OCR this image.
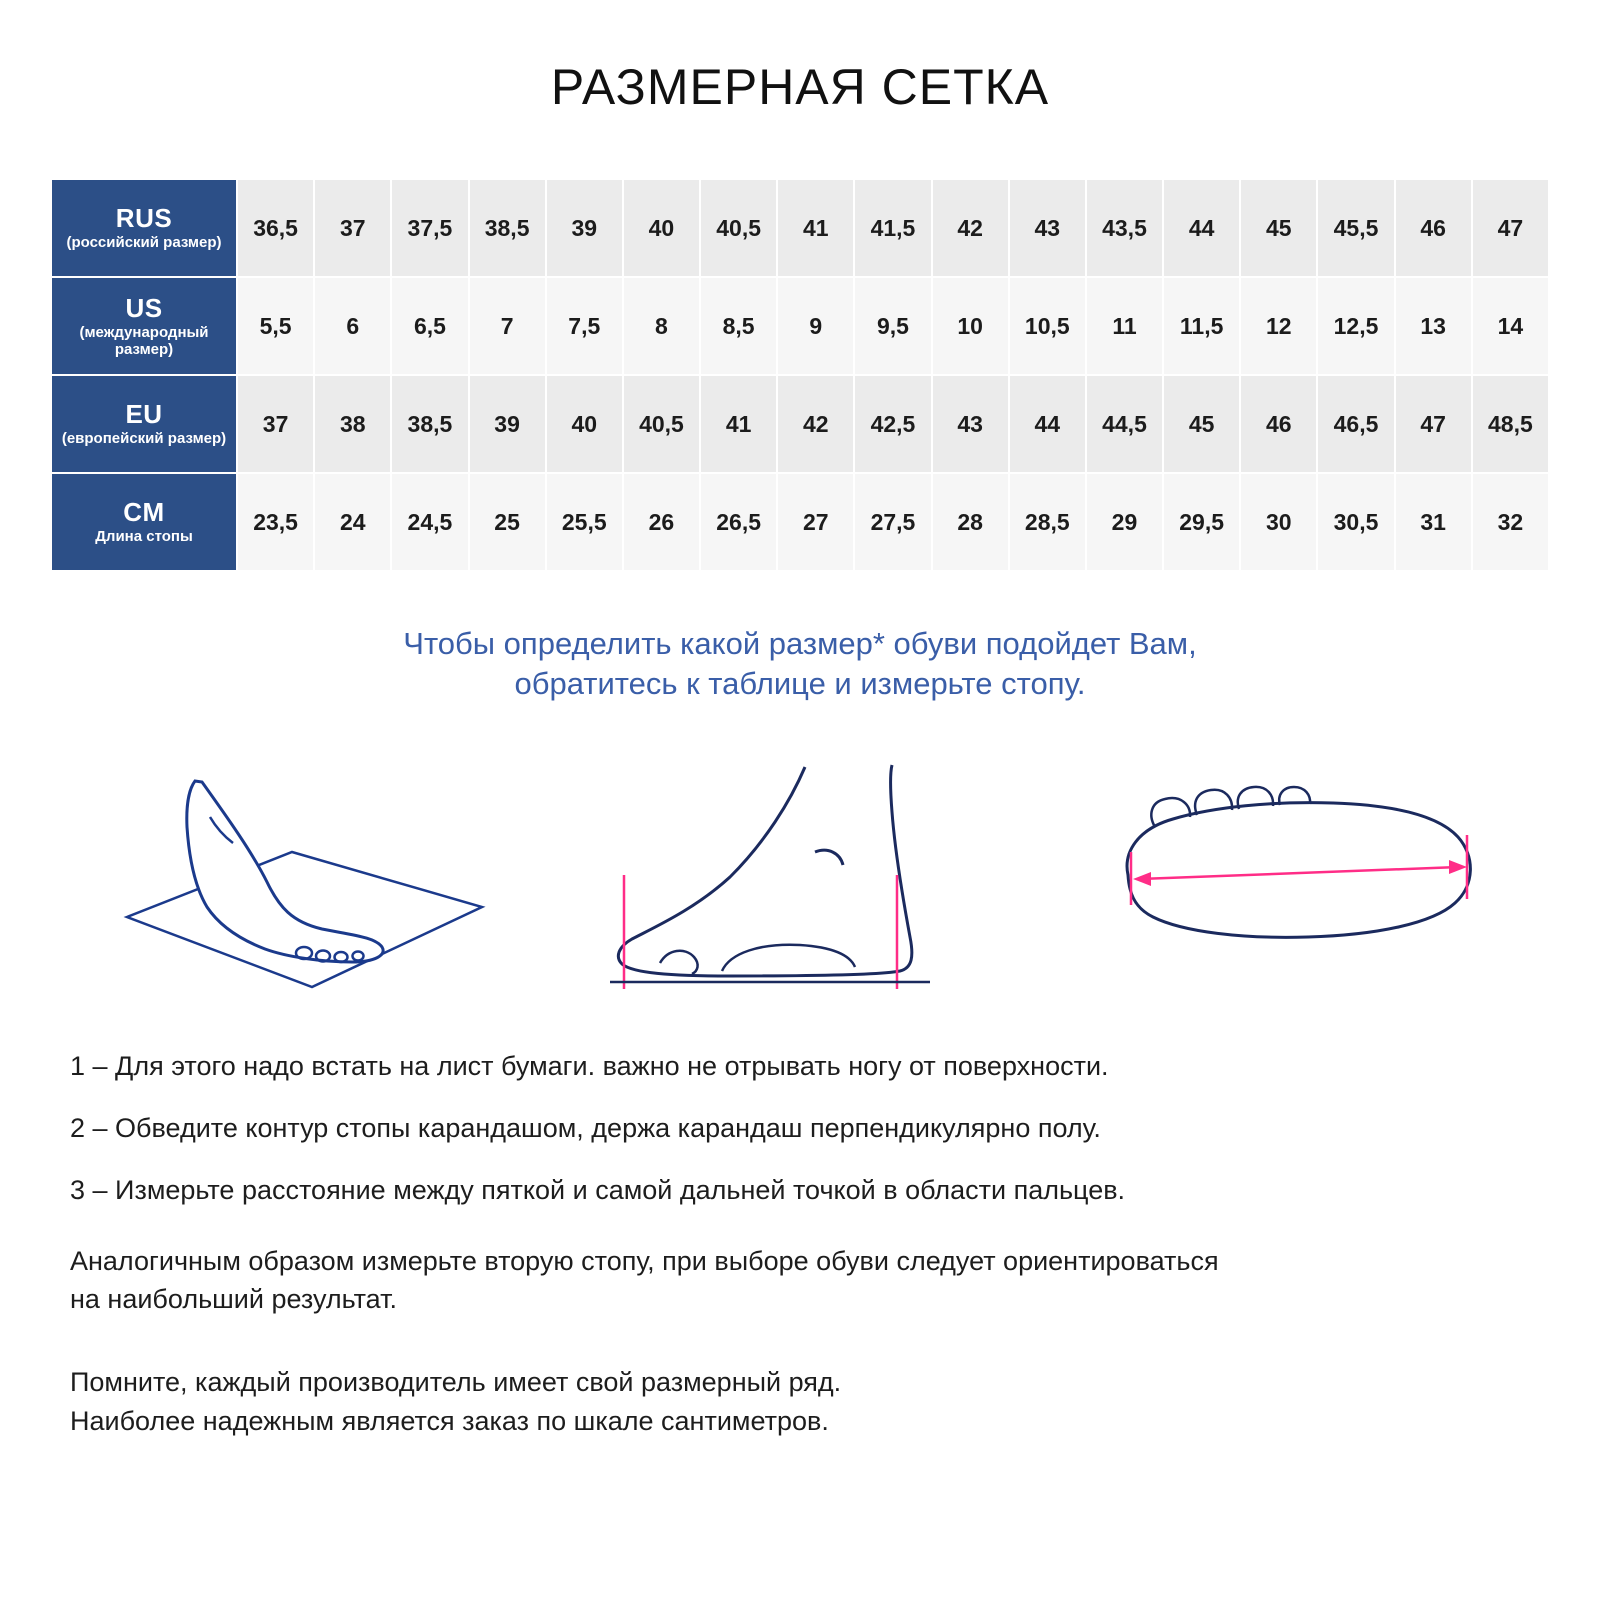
РАЗМЕРНАЯ СЕТКА
RUS
(российский размер)	36,5	37	37,5	38,5	39	40	40,5	41	41,5	42	43	43,5	44	45	45,5	46	47

US
(международный размер)	5,5	6	6,5	7	7,5	8	8,5	9	9,5	10	10,5	11	11,5	12	12,5	13	14

EU
(европейский размер)	37	38	38,5	39	40	40,5	41	42	42,5	43	44	44,5	45	46	46,5	47	48,5

CM
Длина стопы	23,5	24	24,5	25	25,5	26	26,5	27	27,5	28	28,5	29	29,5	30	30,5	31	32
Чтобы определить какой размер* обуви подойдет Вам,
обратитесь к таблице и измерьте стопу.
1 – Для этого надо встать на лист бумаги. важно не отрывать ногу от поверхности.
2 – Обведите контур стопы карандашом, держа карандаш перпендикулярно полу.
3 – Измерьте расстояние между пяткой и самой дальней точкой в области пальцев.
Аналогичным образом измерьте вторую стопу, при выборе обуви следует ориентироваться
на наибольший результат.
Помните, каждый производитель имеет свой размерный ряд.
Наиболее надежным является заказ по шкале сантиметров.
